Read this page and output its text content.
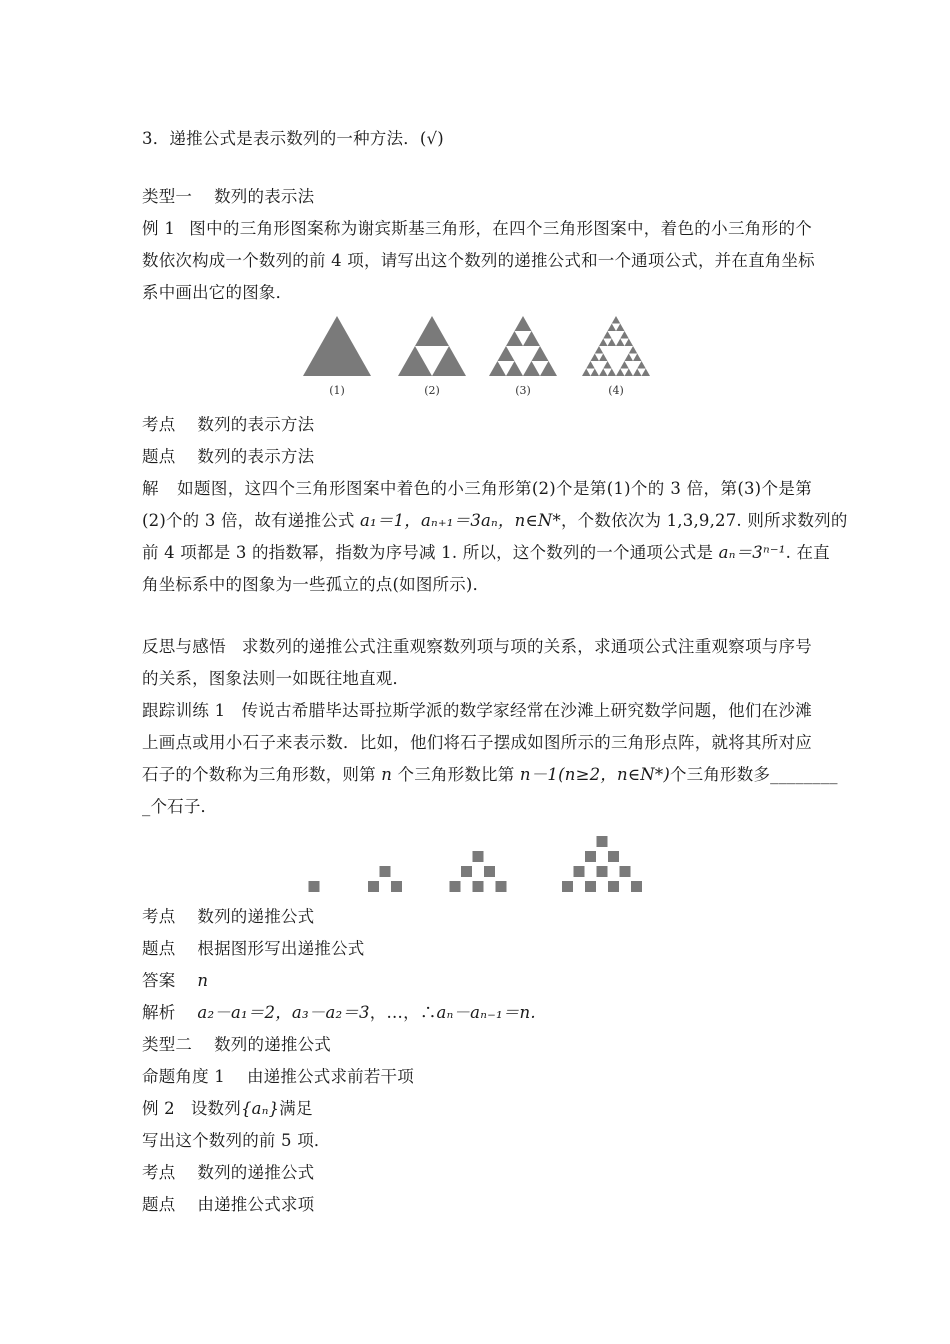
3．递推公式是表示数列的一种方法．(√)
类型一 数列的表示法
例 1 图中的三角形图案称为谢宾斯基三角形，在四个三角形图案中，着色的小三角形的个
数依次构成一个数列的前 4 项，请写出这个数列的递推公式和一个通项公式，并在直角坐标
系中画出它的图象．
(1)	(2)	(3)	(4)
考点 数列的表示方法
题点 数列的表示方法
解 如题图，这四个三角形图案中着色的小三角形第(2)个是第(1)个的 3 倍，第(3)个是第
(2)个的 3 倍，故有递推公式 a₁＝1，aₙ₊₁＝3aₙ，n∈N*，个数依次为 1,3,9,27. 则所求数列的
前 4 项都是 3 的指数幂，指数为序号减 1. 所以，这个数列的一个通项公式是 aₙ＝3ⁿ⁻¹. 在直
角坐标系中的图象为一些孤立的点(如图所示)．
反思与感悟 求数列的递推公式注重观察数列项与项的关系，求通项公式注重观察项与序号
的关系，图象法则一如既往地直观．
跟踪训练 1 传说古希腊毕达哥拉斯学派的数学家经常在沙滩上研究数学问题，他们在沙滩
上画点或用小石子来表示数．比如，他们将石子摆成如图所示的三角形点阵，就将其所对应
石子的个数称为三角形数，则第 n 个三角形数比第 n－1(n≥2，n∈N*)个三角形数多________
_个石子．
考点 数列的递推公式
题点 根据图形写出递推公式
答案 n
解析 a₂－a₁＝2，a₃－a₂＝3，…，∴aₙ－aₙ₋₁＝n.
类型二 数列的递推公式
命题角度 1 由递推公式求前若干项
例 2 设数列{aₙ}满足
写出这个数列的前 5 项．
考点 数列的递推公式
题点 由递推公式求项
